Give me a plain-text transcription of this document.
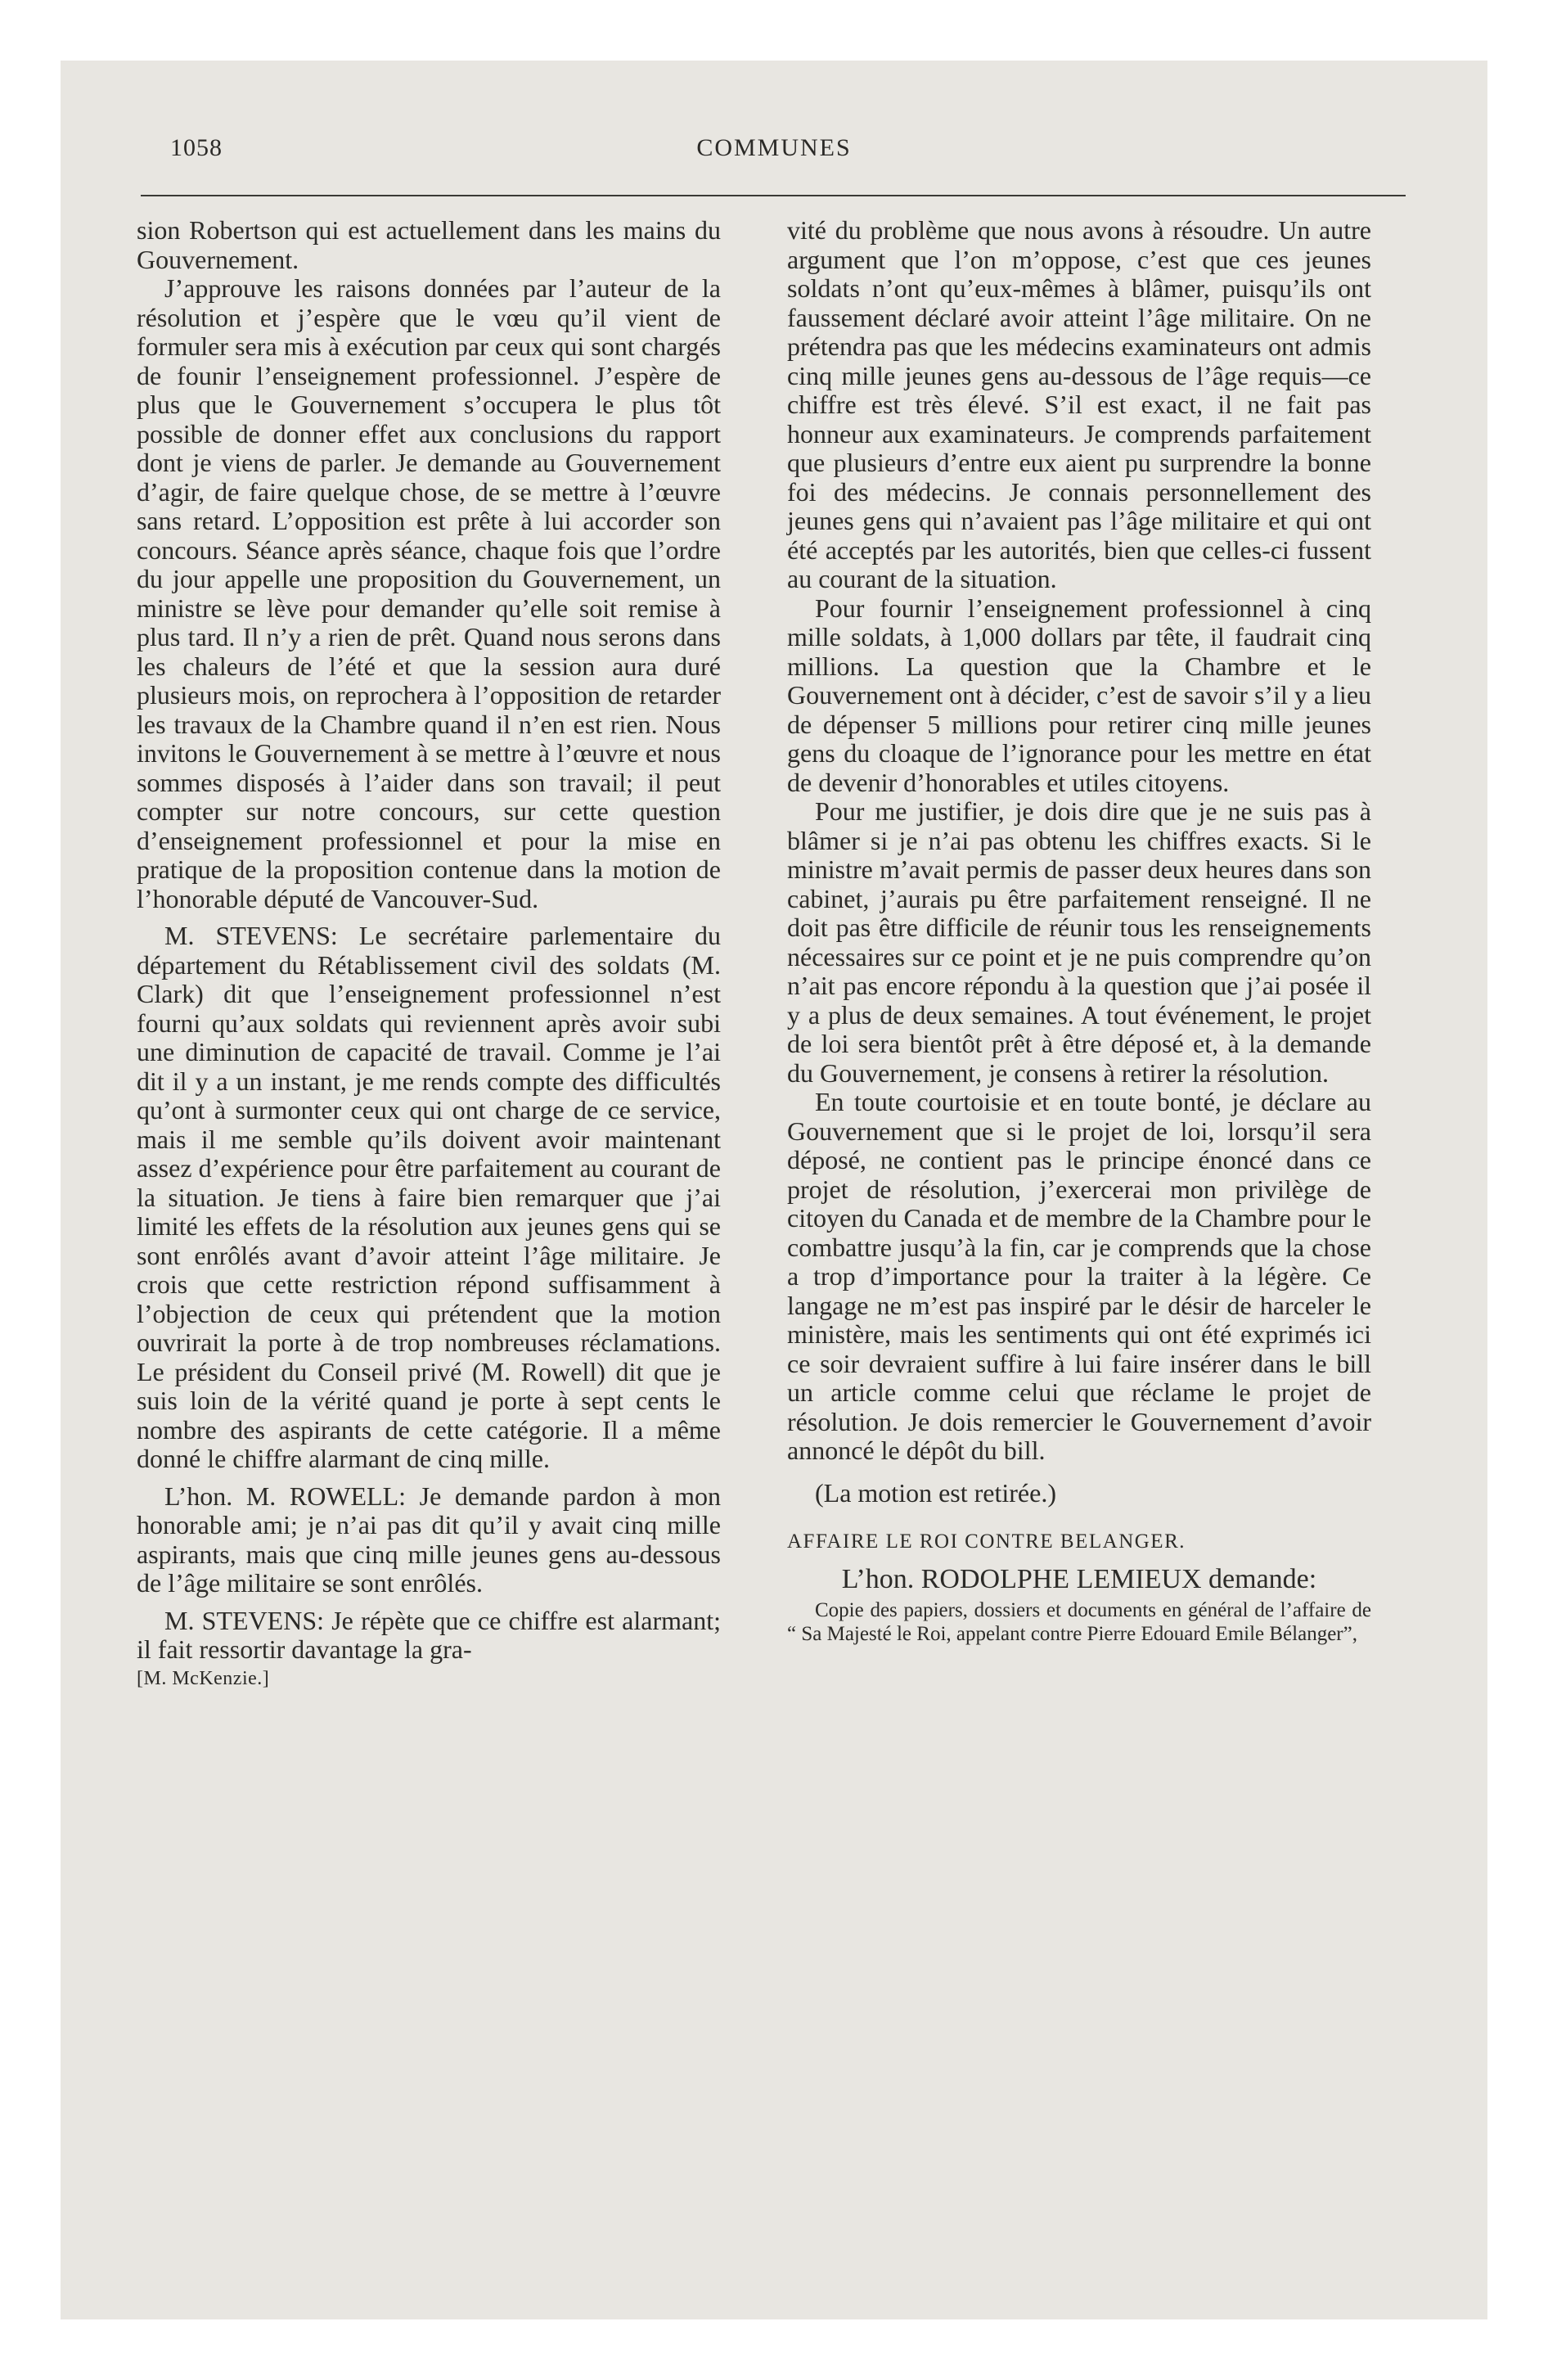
1058	COMMUNES

sion Robertson qui est actuellement dans les mains du Gouvernement.

J’approuve les raisons données par l’auteur de la résolution et j’espère que le vœu qu’il vient de formuler sera mis à exécution par ceux qui sont chargés de founir l’enseignement professionnel. J’espère de plus que le Gouvernement s’occupera le plus tôt possible de donner effet aux conclusions du rapport dont je viens de parler. Je demande au Gouvernement d’agir, de faire quelque chose, de se mettre à l’œuvre sans retard. L’opposition est prête à lui accorder son concours. Séance après séance, chaque fois que l’ordre du jour appelle une proposition du Gouvernement, un ministre se lève pour demander qu’elle soit remise à plus tard. Il n’y a rien de prêt. Quand nous serons dans les chaleurs de l’été et que la session aura duré plusieurs mois, on reprochera à l’opposition de retarder les travaux de la Chambre quand il n’en est rien. Nous invitons le Gouvernement à se mettre à l’œuvre et nous sommes disposés à l’aider dans son travail; il peut compter sur notre concours, sur cette question d’enseignement professionnel et pour la mise en pratique de la proposition contenue dans la motion de l’honorable député de Vancouver-Sud.

M. STEVENS: Le secrétaire parlementaire du département du Rétablissement civil des soldats (M. Clark) dit que l’enseignement professionnel n’est fourni qu’aux soldats qui reviennent après avoir subi une diminution de capacité de travail. Comme je l’ai dit il y a un instant, je me rends compte des difficultés qu’ont à surmonter ceux qui ont charge de ce service, mais il me semble qu’ils doivent avoir maintenant assez d’expérience pour être parfaitement au courant de la situation. Je tiens à faire bien remarquer que j’ai limité les effets de la résolution aux jeunes gens qui se sont enrôlés avant d’avoir atteint l’âge militaire. Je crois que cette restriction répond suffisamment à l’objection de ceux qui prétendent que la motion ouvrirait la porte à de trop nombreuses réclamations. Le président du Conseil privé (M. Rowell) dit que je suis loin de la vérité quand je porte à sept cents le nombre des aspirants de cette catégorie. Il a même donné le chiffre alarmant de cinq mille.

L’hon. M. ROWELL: Je demande pardon à mon honorable ami; je n’ai pas dit qu’il y avait cinq mille aspirants, mais que cinq mille jeunes gens au-dessous de l’âge militaire se sont enrôlés.

M. STEVENS: Je répète que ce chiffre est alarmant; il fait ressortir davantage la gra-

[M. McKenzie.]

vité du problème que nous avons à résoudre. Un autre argument que l’on m’oppose, c’est que ces jeunes soldats n’ont qu’eux-mêmes à blâmer, puisqu’ils ont faussement déclaré avoir atteint l’âge militaire. On ne prétendra pas que les médecins examinateurs ont admis cinq mille jeunes gens au-dessous de l’âge requis—ce chiffre est très élevé. S’il est exact, il ne fait pas honneur aux examinateurs. Je comprends parfaitement que plusieurs d’entre eux aient pu surprendre la bonne foi des médecins. Je connais personnellement des jeunes gens qui n’avaient pas l’âge militaire et qui ont été acceptés par les autorités, bien que celles-ci fussent au courant de la situation.

Pour fournir l’enseignement professionnel à cinq mille soldats, à 1,000 dollars par tête, il faudrait cinq millions. La question que la Chambre et le Gouvernement ont à décider, c’est de savoir s’il y a lieu de dépenser 5 millions pour retirer cinq mille jeunes gens du cloaque de l’ignorance pour les mettre en état de devenir d’honorables et utiles citoyens.

Pour me justifier, je dois dire que je ne suis pas à blâmer si je n’ai pas obtenu les chiffres exacts. Si le ministre m’avait permis de passer deux heures dans son cabinet, j’aurais pu être parfaitement renseigné. Il ne doit pas être difficile de réunir tous les renseignements nécessaires sur ce point et je ne puis comprendre qu’on n’ait pas encore répondu à la question que j’ai posée il y a plus de deux semaines. A tout événement, le projet de loi sera bientôt prêt à être déposé et, à la demande du Gouvernement, je consens à retirer la résolution.

En toute courtoisie et en toute bonté, je déclare au Gouvernement que si le projet de loi, lorsqu’il sera déposé, ne contient pas le principe énoncé dans ce projet de résolution, j’exercerai mon privilège de citoyen du Canada et de membre de la Chambre pour le combattre jusqu’à la fin, car je comprends que la chose a trop d’importance pour la traiter à la légère. Ce langage ne m’est pas inspiré par le désir de harceler le ministère, mais les sentiments qui ont été exprimés ici ce soir devraient suffire à lui faire insérer dans le bill un article comme celui que réclame le projet de résolution. Je dois remercier le Gouvernement d’avoir annoncé le dépôt du bill.

(La motion est retirée.)

AFFAIRE LE ROI CONTRE BELANGER.

L’hon. RODOLPHE LEMIEUX demande:

Copie des papiers, dossiers et documents en général de l’affaire de “ Sa Majesté le Roi, appelant contre Pierre Edouard Emile Bélanger”,
